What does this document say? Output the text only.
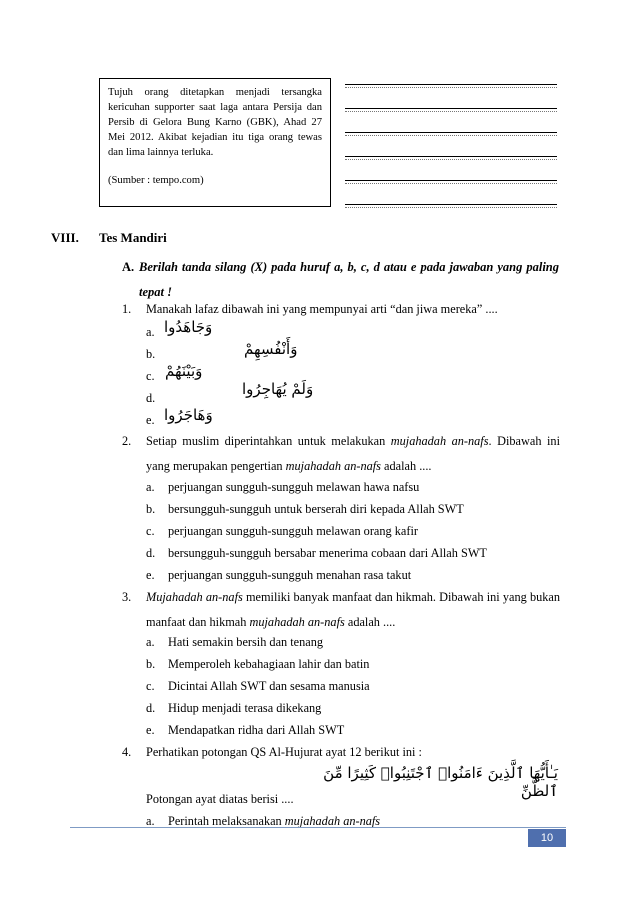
Tujuh orang ditetapkan menjadi tersangka kericuhan supporter saat laga antara Persija dan Persib di Gelora Bung Karno (GBK), Ahad 27 Mei 2012. Akibat kejadian itu tiga orang tewas dan lima lainnya terluka.

(Sumber : tempo.com)

VIII. Tes Mandiri
A. Berilah tanda silang (X) pada huruf a, b, c, d atau e pada jawaban yang paling tepat !
1.	Manakah lafaz dibawah ini yang mempunyai arti “dan jiwa mereka” ....
a. وَجَاهَدُوا
b.	وَأَنْفُسِهِمْ
c. وَبَيْنَهُمْ
d.	وَلَمْ يُهَاجِرُوا
e. وَهَاجَرُوا
2.	Setiap muslim diperintahkan untuk melakukan mujahadah an-nafs. Dibawah ini yang merupakan pengertian mujahadah an-nafs adalah ....
a. perjuangan sungguh-sungguh melawan hawa nafsu
b. bersungguh-sungguh untuk berserah diri kepada Allah SWT
c. perjuangan sungguh-sungguh melawan orang kafir
d. bersungguh-sungguh bersabar menerima cobaan dari Allah SWT
e. perjuangan sungguh-sungguh menahan rasa takut
3.	Mujahadah an-nafs memiliki banyak manfaat dan hikmah. Dibawah ini yang bukan manfaat dan hikmah mujahadah an-nafs adalah ....
a. Hati semakin bersih dan tenang
b. Memperoleh kebahagiaan lahir dan batin
c. Dicintai Allah SWT dan sesama manusia
d. Hidup menjadi terasa dikekang
e. Mendapatkan ridha dari Allah SWT
4.	Perhatikan potongan QS Al-Hujurat ayat 12 berikut ini :
يَـٰأَيُّهَا ٱلَّذِينَ ءَامَنُوا۟ ٱجْتَنِبُوا۟ كَثِيرًا مِّنَ ٱلظَّنِّ
Potongan ayat diatas berisi ....
a. Perintah melaksanakan mujahadah an-nafs
10
